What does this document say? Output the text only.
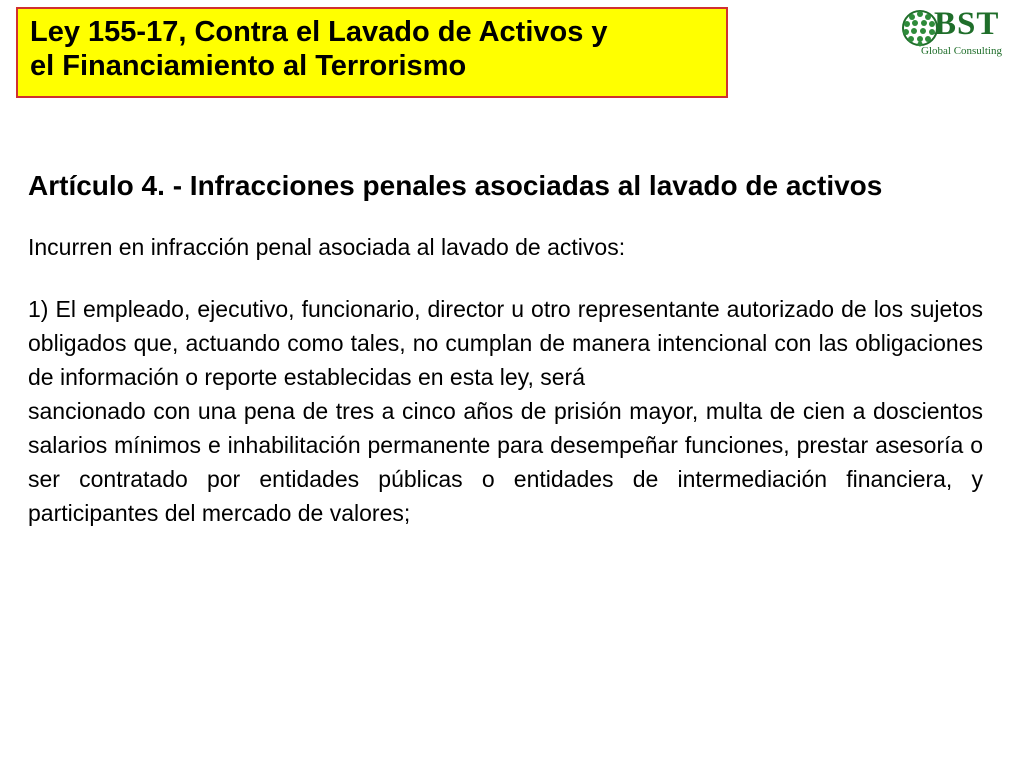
Ley 155-17, Contra el Lavado de Activos y
el Financiamiento al Terrorismo

BST
Global Consulting

Artículo 4. - Infracciones penales asociadas al lavado de activos

Incurren en infracción penal asociada al lavado de activos:

1) El empleado, ejecutivo, funcionario, director u otro representante autorizado de los sujetos obligados que, actuando como tales, no cumplan de manera intencional con las obligaciones de información o reporte establecidas en esta ley, será

sancionado con una pena de tres a cinco años de prisión mayor, multa de cien a doscientos salarios mínimos e inhabilitación permanente para desempeñar funciones, prestar asesoría o ser contratado por entidades públicas o entidades de intermediación financiera, y participantes del mercado de valores;
